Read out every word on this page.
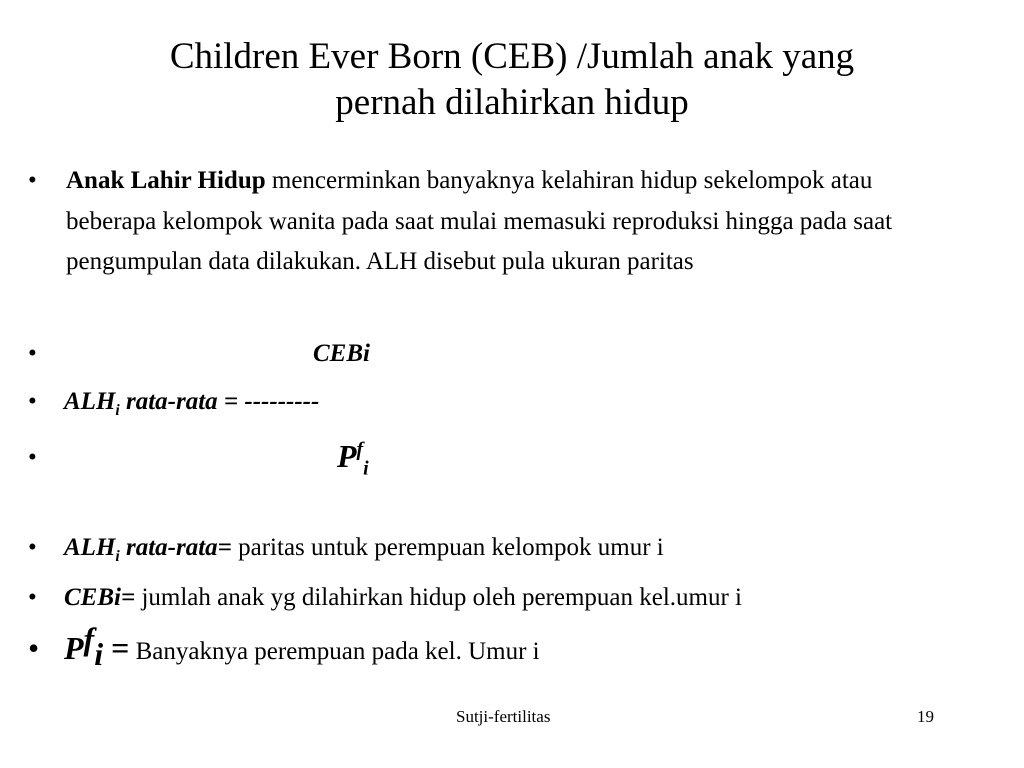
Children Ever Born (CEB) /Jumlah anak yang
pernah dilahirkan hidup
• Anak Lahir Hidup mencerminkan banyaknya kelahiran hidup sekelompok atau beberapa kelompok wanita pada saat mulai memasuki reproduksi hingga pada saat pengumpulan data dilakukan. ALH disebut pula ukuran paritas
•	CEBi
• $ALH_i$ rata-rata = ---------
•	$P^f_i$
• $ALH_i$ rata-rata= paritas untuk perempuan kelompok umur i
• CEBi= jumlah anak yg dilahirkan hidup oleh perempuan kel.umur i
• $P^f_i$ = Banyaknya perempuan pada kel. Umur i
Sutji-fertilitas	19
